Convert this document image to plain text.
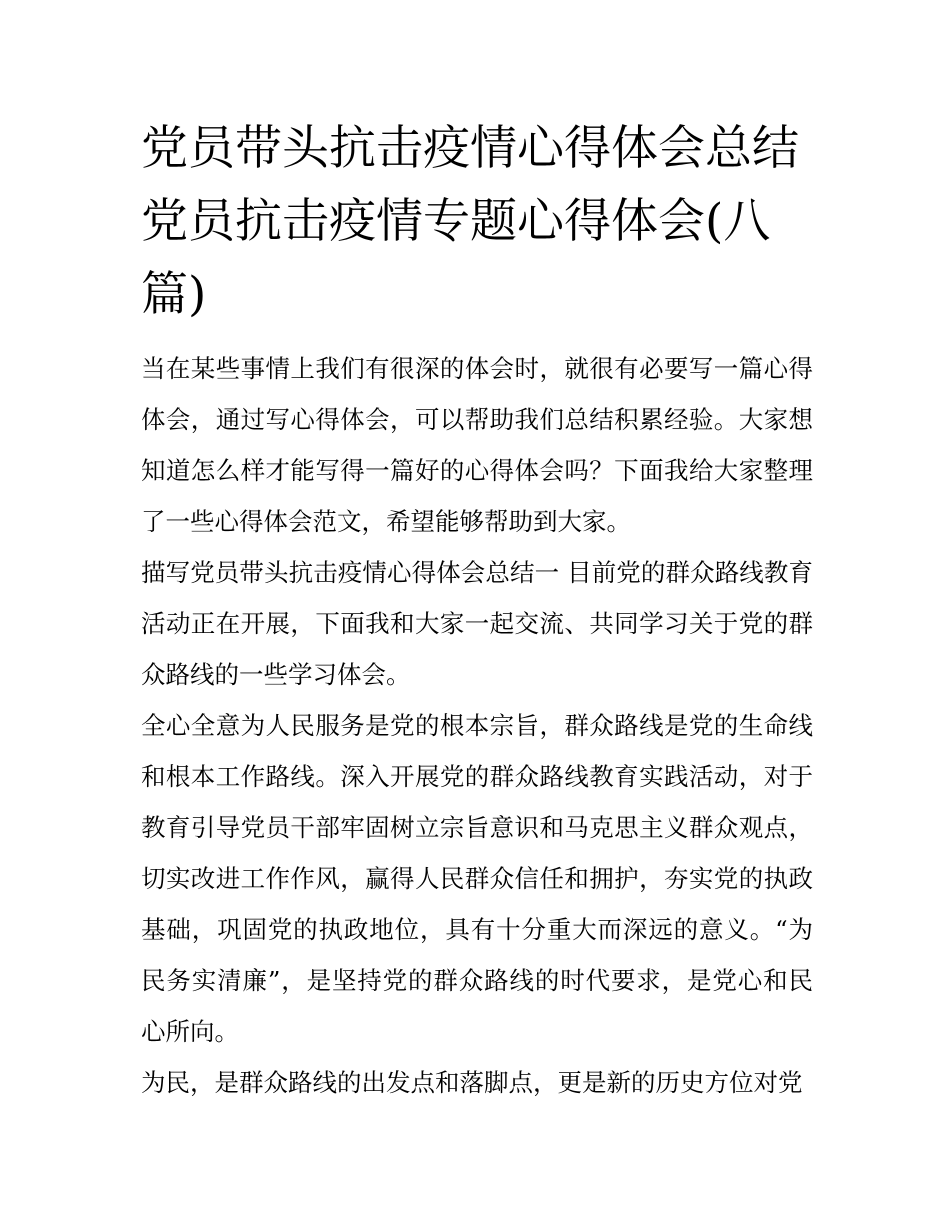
党员带头抗击疫情心得体会总结 党员抗击疫情专题心得体会(八篇)

当在某些事情上我们有很深的体会时，就很有必要写一篇心得体会，通过写心得体会，可以帮助我们总结积累经验。大家想知道怎么样才能写得一篇好的心得体会吗？下面我给大家整理了一些心得体会范文，希望能够帮助到大家。

描写党员带头抗击疫情心得体会总结一 目前党的群众路线教育活动正在开展，下面我和大家一起交流、共同学习关于党的群众路线的一些学习体会。

全心全意为人民服务是党的根本宗旨，群众路线是党的生命线和根本工作路线。深入开展党的群众路线教育实践活动，对于教育引导党员干部牢固树立宗旨意识和马克思主义群众观点，切实改进工作作风，赢得人民群众信任和拥护，夯实党的执政基础，巩固党的执政地位，具有十分重大而深远的意义。“为民务实清廉”，是坚持党的群众路线的时代要求，是党心和民心所向。

为民，是群众路线的出发点和落脚点，更是新的历史方位对党
